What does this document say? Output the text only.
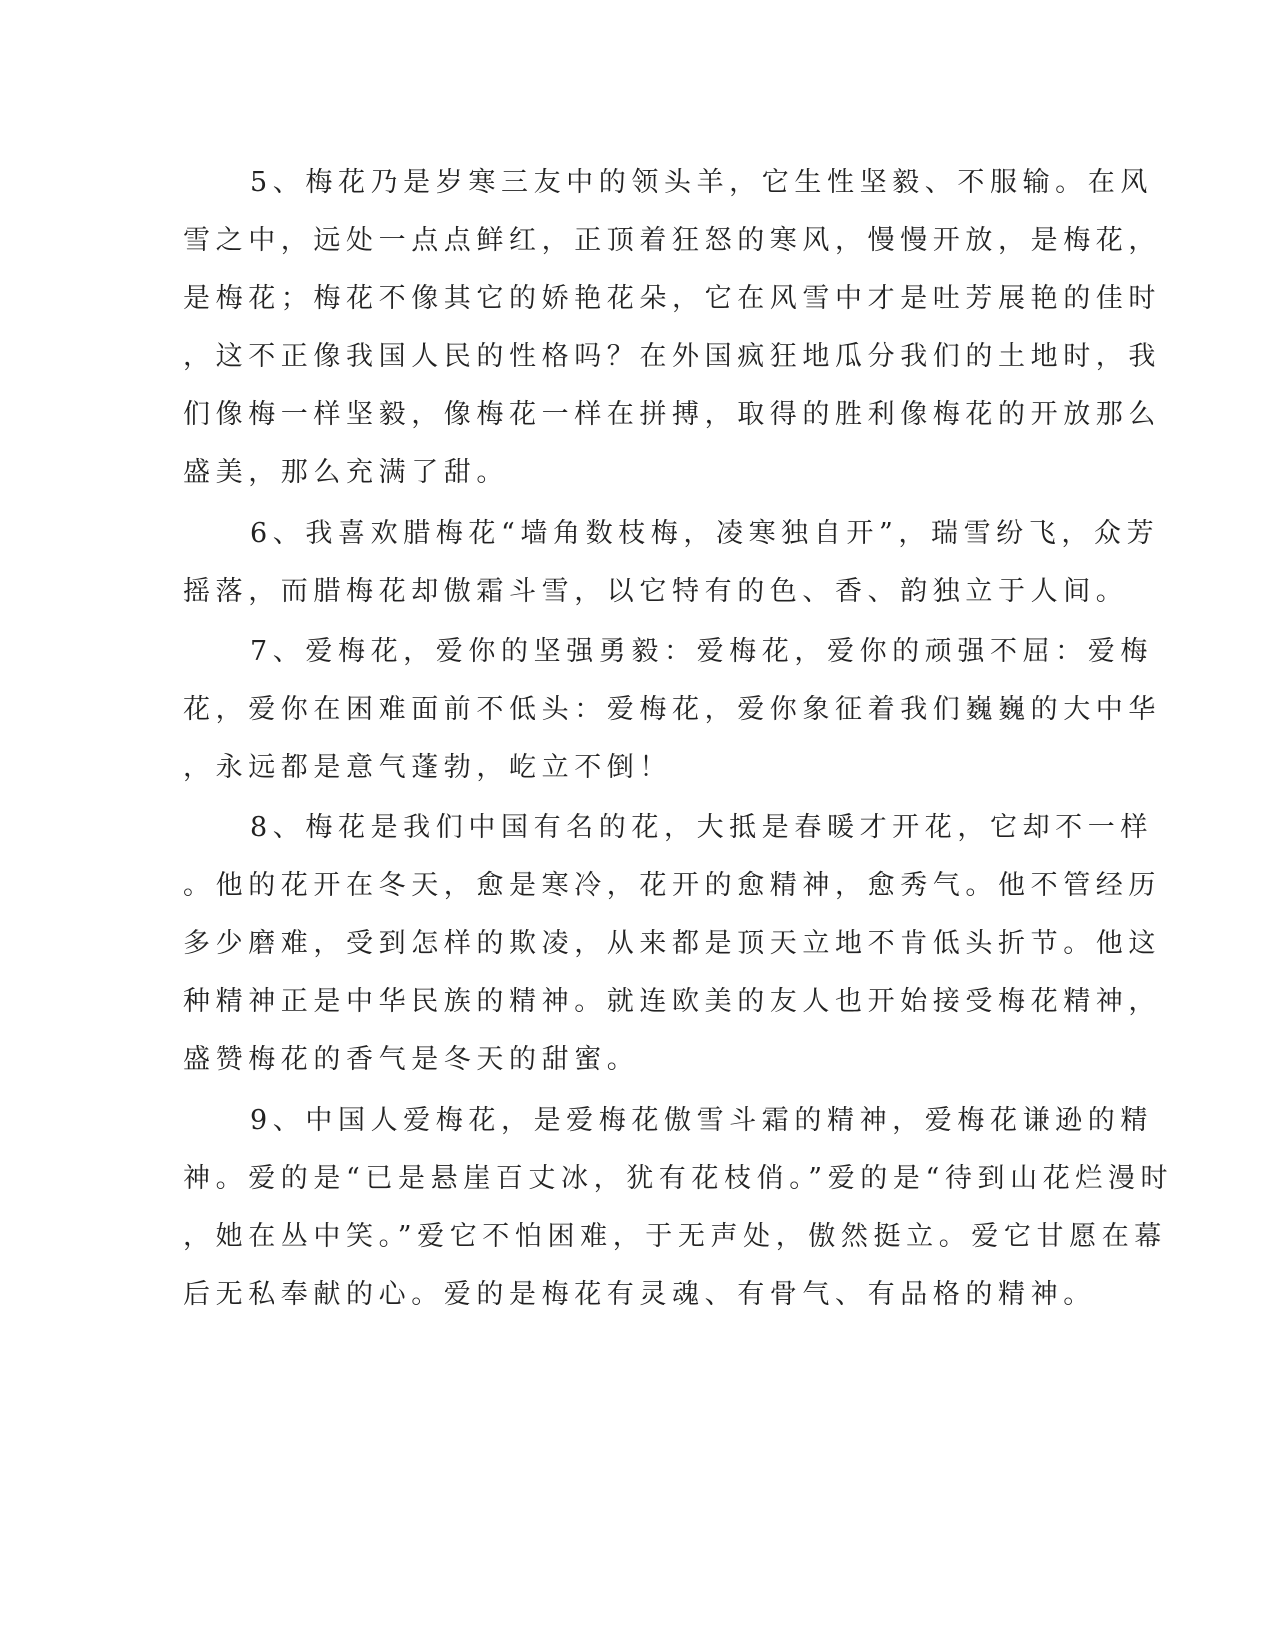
5、梅花乃是岁寒三友中的领头羊，它生性坚毅、不服输。在风

雪之中，远处一点点鲜红，正顶着狂怒的寒风，慢慢开放，是梅花，

是梅花；梅花不像其它的娇艳花朵，它在风雪中才是吐芳展艳的佳时

，这不正像我国人民的性格吗？在外国疯狂地瓜分我们的土地时，我

们像梅一样坚毅，像梅花一样在拼搏，取得的胜利像梅花的开放那么

盛美，那么充满了甜。

6、我喜欢腊梅花“墙角数枝梅，凌寒独自开”，瑞雪纷飞，众芳

摇落，而腊梅花却傲霜斗雪，以它特有的色、香、韵独立于人间。

7、爱梅花，爱你的坚强勇毅：爱梅花，爱你的顽强不屈：爱梅

花，爱你在困难面前不低头：爱梅花，爱你象征着我们巍巍的大中华

，永远都是意气蓬勃，屹立不倒！

8、梅花是我们中国有名的花，大抵是春暖才开花，它却不一样

。他的花开在冬天，愈是寒冷，花开的愈精神，愈秀气。他不管经历

多少磨难，受到怎样的欺凌，从来都是顶天立地不肯低头折节。他这

种精神正是中华民族的精神。就连欧美的友人也开始接受梅花精神，

盛赞梅花的香气是冬天的甜蜜。

9、中国人爱梅花，是爱梅花傲雪斗霜的精神，爱梅花谦逊的精

神。爱的是“已是悬崖百丈冰，犹有花枝俏。”爱的是“待到山花烂漫时

，她在丛中笑。”爱它不怕困难，于无声处，傲然挺立。爱它甘愿在幕

后无私奉献的心。爱的是梅花有灵魂、有骨气、有品格的精神。
